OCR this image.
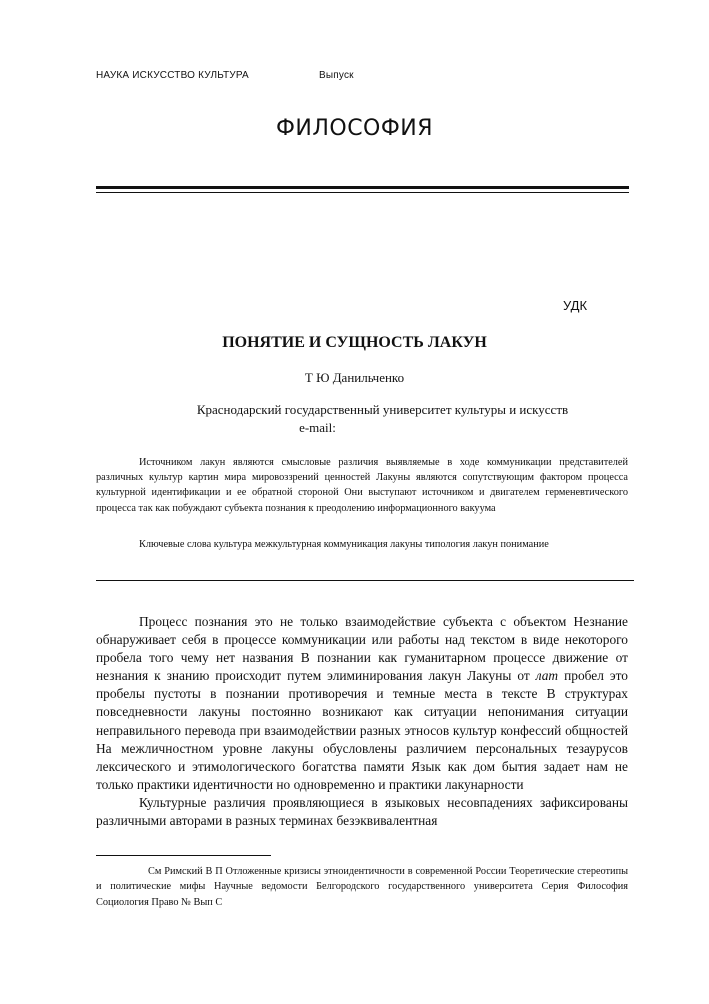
НАУКА ИСКУССТВО КУЛЬТУРА	Выпуск
ФИЛОСОФИЯ
УДК
ПОНЯТИЕ И СУЩНОСТЬ ЛАКУН
Т Ю Данильченко
Краснодарский государственный университет культуры и искусств
e-mail:
Источником лакун являются смысловые различия выявляемые в ходе коммуникации представителей различных культур картин мира мировоззрений ценностей Лакуны являются сопутствующим фактором процесса культурной идентификации и ее обратной стороной Они выступают источником и двигателем герменевтического процесса так как побуждают субъекта познания к преодолению информационного вакуума
Ключевые слова культура межкультурная коммуникация лакуны типология лакун понимание
Процесс познания это не только взаимодействие субъекта с объектом Незнание обнаруживает себя в процессе коммуникации или работы над текстом в виде некоторого пробела того чему нет названия В познании как гуманитарном процессе движение от незнания к знанию происходит путем элиминирования лакун Лакуны от лат пробел это пробелы пустоты в познании противоречия и темные места в тексте В структурах повседневности лакуны постоянно возникают как ситуации непонимания ситуации неправильного перевода при взаимодействии разных этносов культур конфессий общностей На межличностном уровне лакуны обусловлены различием персональных тезаурусов лексического и этимологического богатства памяти Язык как дом бытия задает нам не только практики идентичности но одновременно и практики лакунарности
Культурные различия проявляющиеся в языковых несовпадениях зафиксированы различными авторами в разных терминах безэквивалентная
См Римский В П Отложенные кризисы этноидентичности в современной России Теоретические стереотипы и политические мифы Научные ведомости Белгородского государственного университета Серия Философия Социология Право № Вып С
